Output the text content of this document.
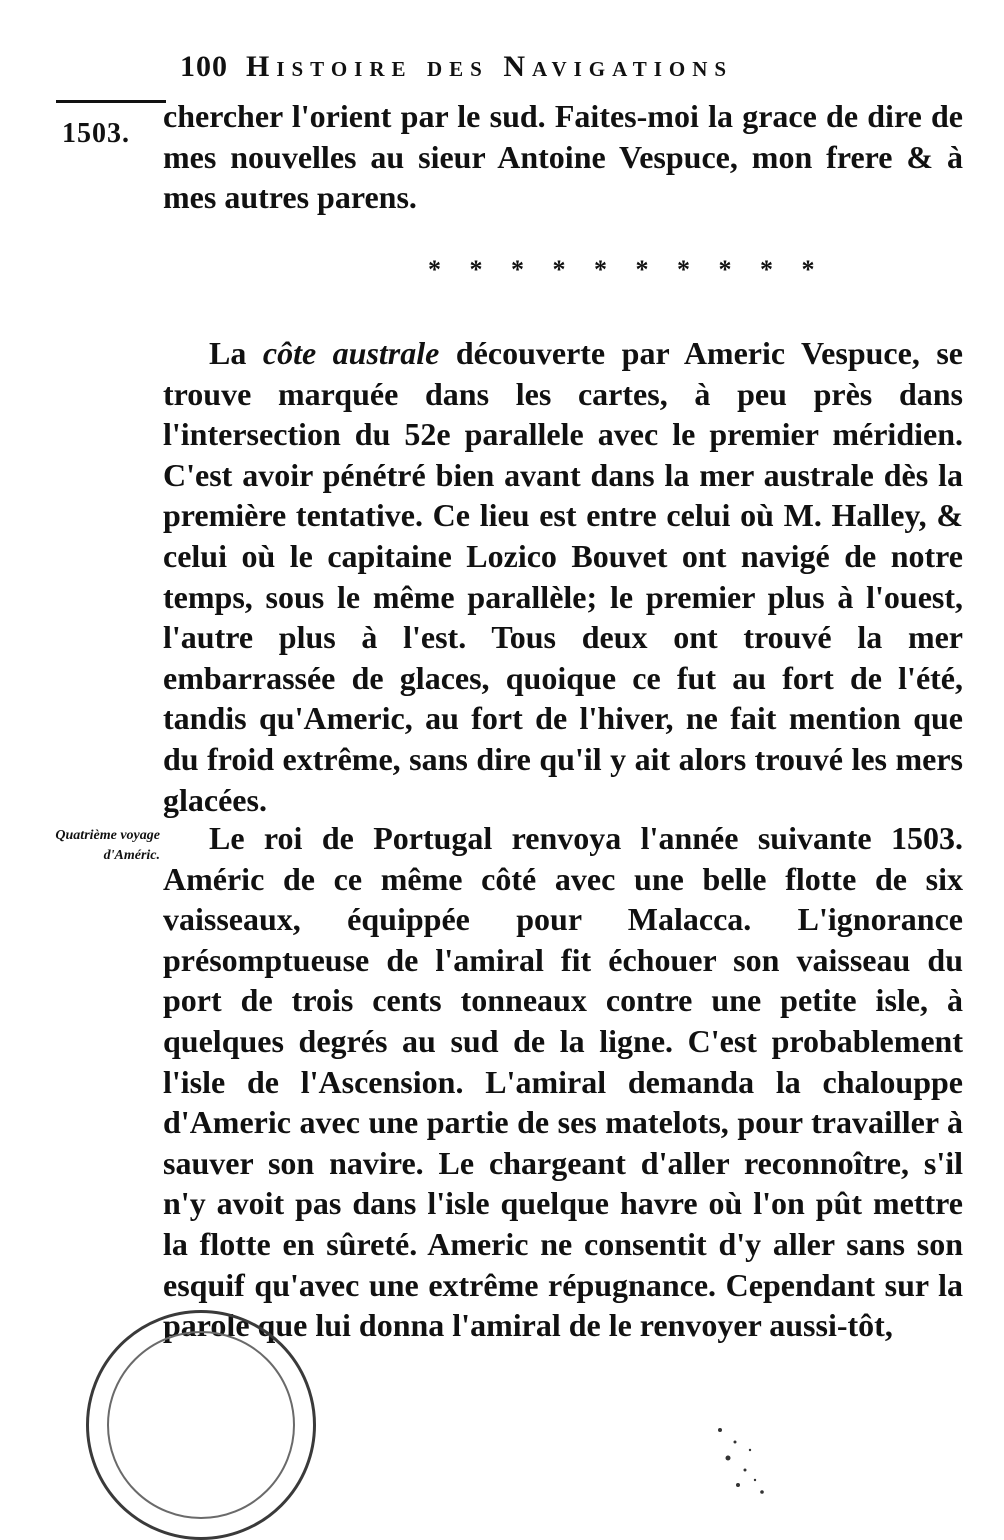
100 Histoire des Navigations
1503. chercher l'orient par le sud. Faites-moi la grace de dire de mes nouvelles au sieur Antoine Vespuce, mon frere & à mes autres parens.

* * * * * * * * * *

La côte australe découverte par Americ Vespuce, se trouve marquée dans les cartes, à peu près dans l'intersection du 52e parallele avec le premier méridien. C'est avoir pénétré bien avant dans la mer australe dès la première tentative. Ce lieu est entre celui où M. Halley, & celui où le capitaine Lozico Bouvet ont navigé de notre temps, sous le même parallèle; le premier plus à l'ouest, l'autre plus à l'est. Tous deux ont trouvé la mer embarrassée de glaces, quoique ce fut au fort de l'été, tandis qu'Americ, au fort de l'hiver, ne fait mention que du froid extrême, sans dire qu'il y ait alors trouvé les mers glacées.

Quatrième voyage d'Améric.	Le roi de Portugal renvoya l'année suivante 1503. Améric de ce même côté avec une belle flotte de six vaisseaux, équippée pour Malacca. L'ignorance présomptueuse de l'amiral fit échouer son vaisseau du port de trois cents tonneaux contre une petite isle, à quelques degrés au sud de la ligne. C'est probablement l'isle de l'Ascension. L'amiral demanda la chalouppe d'Americ avec une partie de ses matelots, pour travailler à sauver son navire. Le chargeant d'aller reconnoître, s'il n'y avoit pas dans l'isle quelque havre où l'on pût mettre la flotte en sûreté. Americ ne consentit d'y aller sans son esquif qu'avec une extrême répugnance. Cependant sur la parole que lui donna l'amiral de le renvoyer aussi-tôt,
